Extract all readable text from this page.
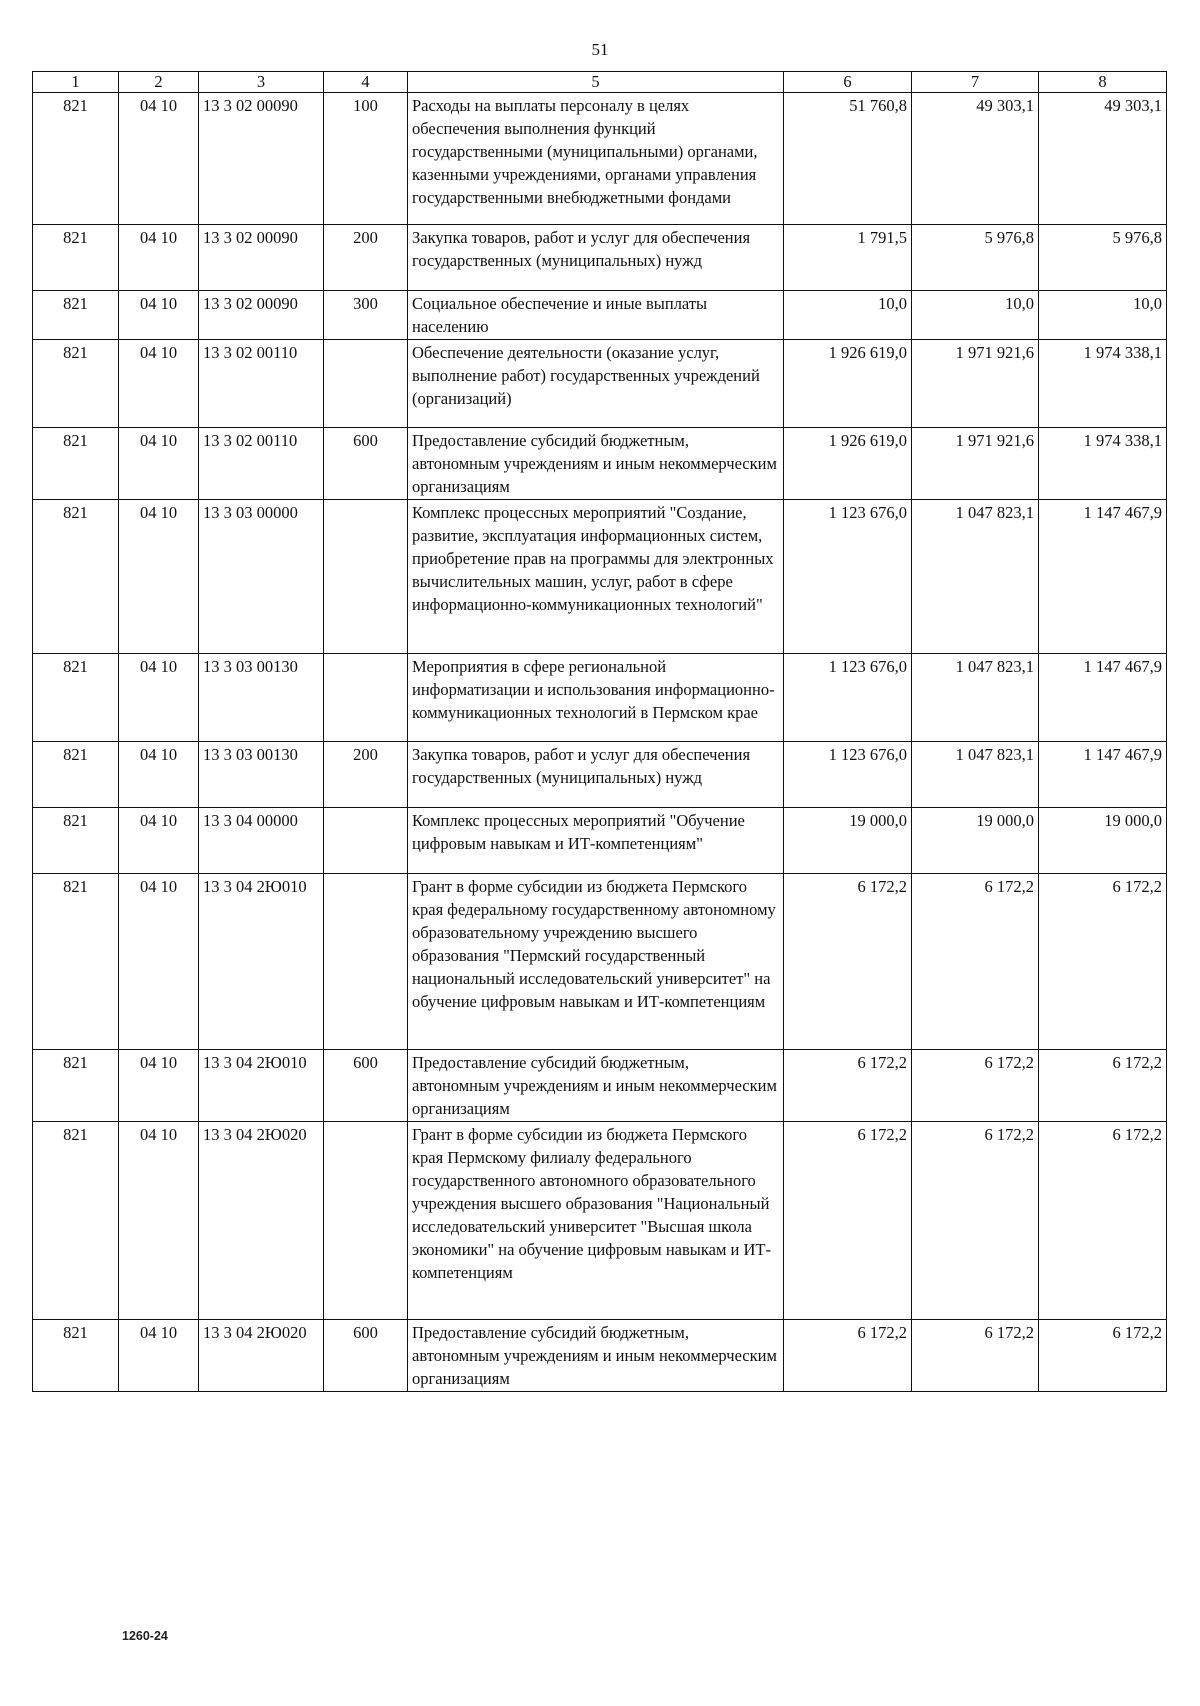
51
1	2	3	4	5	6	7	8
821	04 10	13 3 02 00090	100	Расходы на выплаты персоналу в целях обеспечения выполнения функций государственными (муниципальными) органами, казенными учреждениями, органами управления государственными внебюджетными фондами	51 760,8	49 303,1	49 303,1
821	04 10	13 3 02 00090	200	Закупка товаров, работ и услуг для обеспечения государственных (муниципальных) нужд	1 791,5	5 976,8	5 976,8
821	04 10	13 3 02 00090	300	Социальное обеспечение и иные выплаты населению	10,0	10,0	10,0
821	04 10	13 3 02 00110		Обеспечение деятельности (оказание услуг, выполнение работ) государственных учреждений (организаций)	1 926 619,0	1 971 921,6	1 974 338,1
821	04 10	13 3 02 00110	600	Предоставление субсидий бюджетным, автономным учреждениям и иным некоммерческим организациям	1 926 619,0	1 971 921,6	1 974 338,1
821	04 10	13 3 03 00000		Комплекс процессных мероприятий "Создание, развитие, эксплуатация информационных систем, приобретение прав на программы для электронных вычислительных машин, услуг, работ в сфере информационно-коммуникационных технологий"	1 123 676,0	1 047 823,1	1 147 467,9
821	04 10	13 3 03 00130		Мероприятия в сфере региональной информатизации и использования информационно-коммуникационных технологий в Пермском крае	1 123 676,0	1 047 823,1	1 147 467,9
821	04 10	13 3 03 00130	200	Закупка товаров, работ и услуг для обеспечения государственных (муниципальных) нужд	1 123 676,0	1 047 823,1	1 147 467,9
821	04 10	13 3 04 00000		Комплекс процессных мероприятий "Обучение цифровым навыкам и ИТ-компетенциям"	19 000,0	19 000,0	19 000,0
821	04 10	13 3 04 2Ю010		Грант в форме субсидии из бюджета Пермского края федеральному государственному автономному образовательному учреждению высшего образования "Пермский государственный национальный исследовательский университет" на обучение цифровым навыкам и ИТ-компетенциям	6 172,2	6 172,2	6 172,2
821	04 10	13 3 04 2Ю010	600	Предоставление субсидий бюджетным, автономным учреждениям и иным некоммерческим организациям	6 172,2	6 172,2	6 172,2
821	04 10	13 3 04 2Ю020		Грант в форме субсидии из бюджета Пермского края Пермскому филиалу федерального государственного автономного образовательного учреждения высшего образования "Национальный исследовательский университет "Высшая школа экономики" на обучение цифровым навыкам и ИТ-компетенциям	6 172,2	6 172,2	6 172,2
821	04 10	13 3 04 2Ю020	600	Предоставление субсидий бюджетным, автономным учреждениям и иным некоммерческим организациям	6 172,2	6 172,2	6 172,2
1260-24
